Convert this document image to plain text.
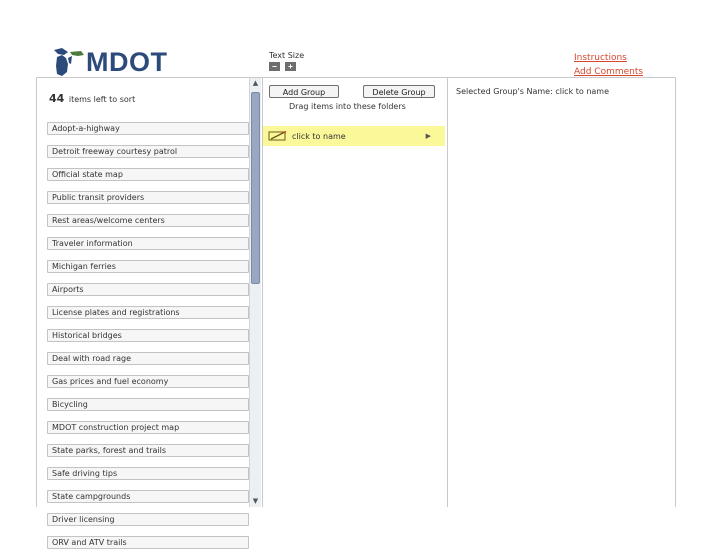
MDOT	Text Size
−	+
Instructions
Add Comments
44 items left to sort
Adopt-a-highway
Detroit freeway courtesy patrol
Official state map
Public transit providers
Rest areas/welcome centers
Traveler information
Michigan ferries
Airports
License plates and registrations
Historical bridges
Deal with road rage
Gas prices and fuel economy
Bicycling
MDOT construction project map
State parks, forest and trails
Safe driving tips
State campgrounds
Driver licensing
ORV and ATV trails
▲
▼
Add Group	Delete Group
Drag items into these folders
click to name	▶
Selected Group's Name: click to name
